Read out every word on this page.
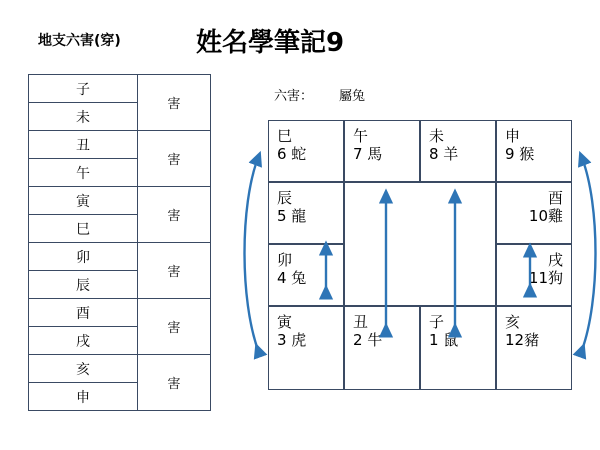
地支六害(穿)	姓名學筆記9
六害： 屬兔
子	害
未	
丑	害
午	
寅	害
巳	
卯	害
辰	
酉	害
戌	
亥	害
申	
巳
6 蛇
午
7 馬
未
8 羊
申
9 猴
辰
5 龍
酉
10雞
卯
4 兔
戌
11狗
寅
3 虎
丑
2 牛
子
1 鼠
亥
12豬
